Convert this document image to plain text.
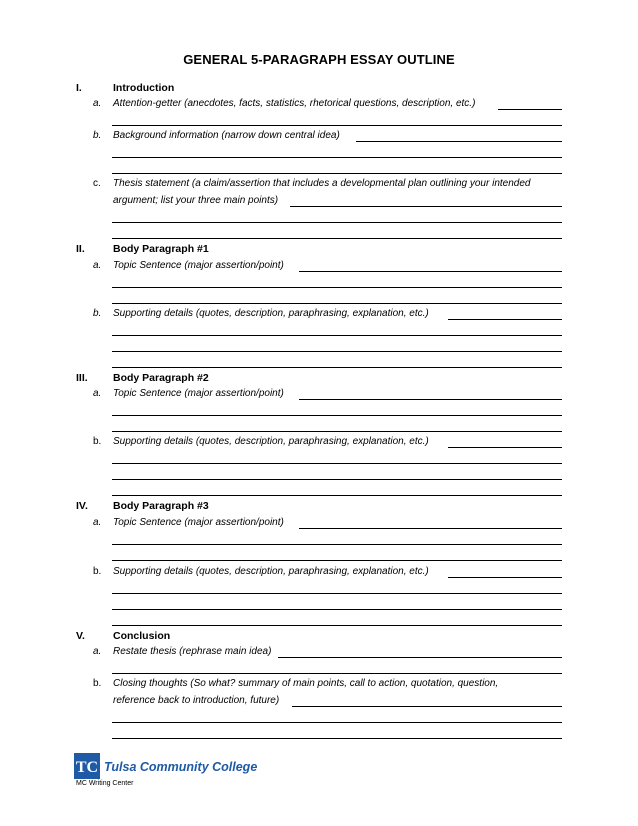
GENERAL 5-PARAGRAPH ESSAY OUTLINE
I.	Introduction
a. Attention-getter (anecdotes, facts, statistics, rhetorical questions, description, etc.)
b. Background information (narrow down central idea)
c. Thesis statement (a claim/assertion that includes a developmental plan outlining your intended
argument; list your three main points)
II.	Body Paragraph #1
a. Topic Sentence (major assertion/point)
b. Supporting details (quotes, description, paraphrasing, explanation, etc.)
III. Body Paragraph #2
a. Topic Sentence (major assertion/point)
b. Supporting details (quotes, description, paraphrasing, explanation, etc.)
IV. Body Paragraph #3
a. Topic Sentence (major assertion/point)
b. Supporting details (quotes, description, paraphrasing, explanation, etc.)
V.	Conclusion
a. Restate thesis (rephrase main idea)
b. Closing thoughts (So what? summary of main points, call to action, quotation, question,
reference back to introduction, future)
TC Tulsa Community College
MC Writing Center
